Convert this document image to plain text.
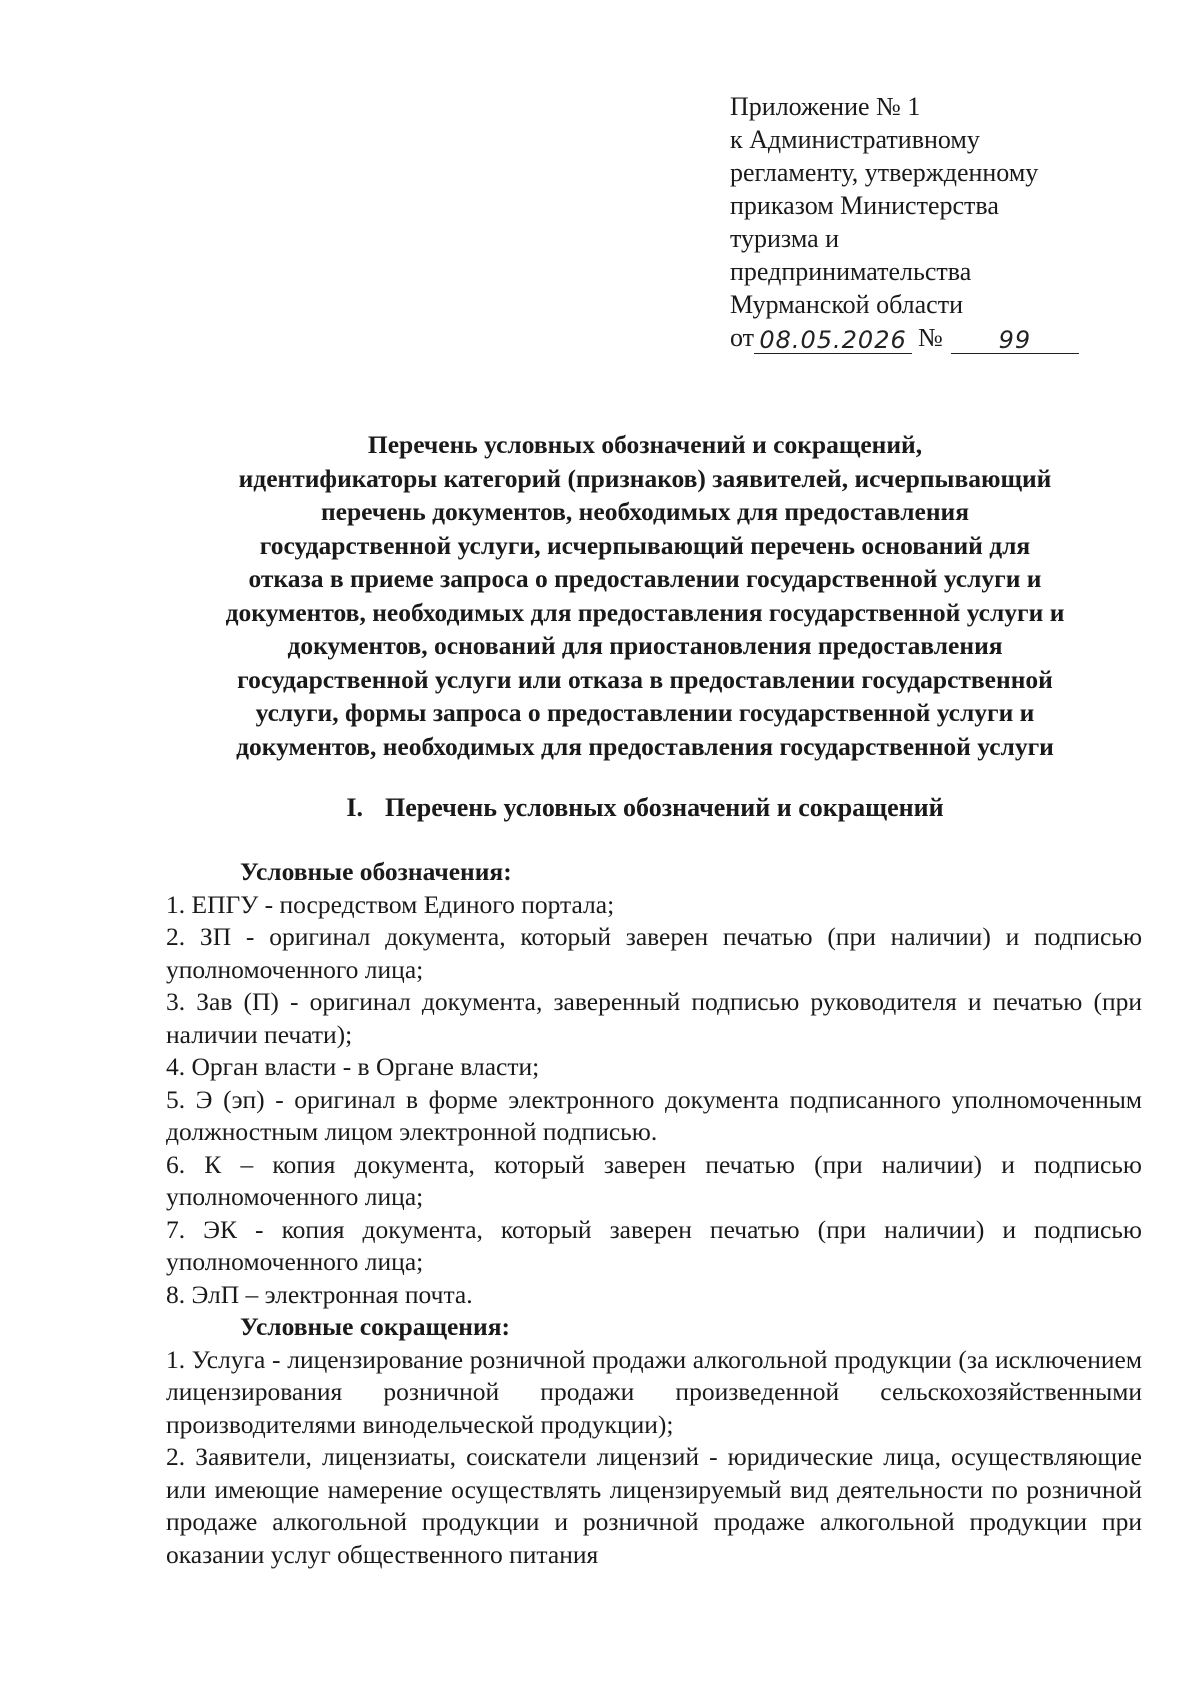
Приложение № 1
к Административному
регламенту, утвержденному
приказом Министерства
туризма и
предпринимательства
Мурманской области
от 08.05.2026 №	99
Перечень условных обозначений и сокращений,
идентификаторы категорий (признаков) заявителей, исчерпывающий
перечень документов, необходимых для предоставления
государственной услуги, исчерпывающий перечень оснований для
отказа в приеме запроса о предоставлении государственной услуги и
документов, необходимых для предоставления государственной услуги и
документов, оснований для приостановления предоставления
государственной услуги или отказа в предоставлении государственной
услуги, формы запроса о предоставлении государственной услуги и
документов, необходимых для предоставления государственной услуги
I. Перечень условных обозначений и сокращений
Условные обозначения:
1. ЕПГУ - посредством Единого портала;
2. ЗП - оригинал документа, который заверен печатью (при наличии) и подписью уполномоченного лица;
3. Зав (П) - оригинал документа, заверенный подписью руководителя и печатью (при наличии печати);
4. Орган власти - в Органе власти;
5. Э (эп) - оригинал в форме электронного документа подписанного уполномоченным должностным лицом электронной подписью.
6. К – копия документа, который заверен печатью (при наличии) и подписью уполномоченного лица;
7. ЭК - копия документа, который заверен печатью (при наличии) и подписью уполномоченного лица;
8. ЭлП – электронная почта.
Условные сокращения:
1. Услуга - лицензирование розничной продажи алкогольной продукции (за исключением лицензирования розничной продажи произведенной сельскохозяйственными производителями винодельческой продукции);
2. Заявители, лицензиаты, соискатели лицензий - юридические лица, осуществляющие или имеющие намерение осуществлять лицензируемый вид деятельности по розничной продаже алкогольной продукции и розничной продаже алкогольной продукции при оказании услуг общественного питания
